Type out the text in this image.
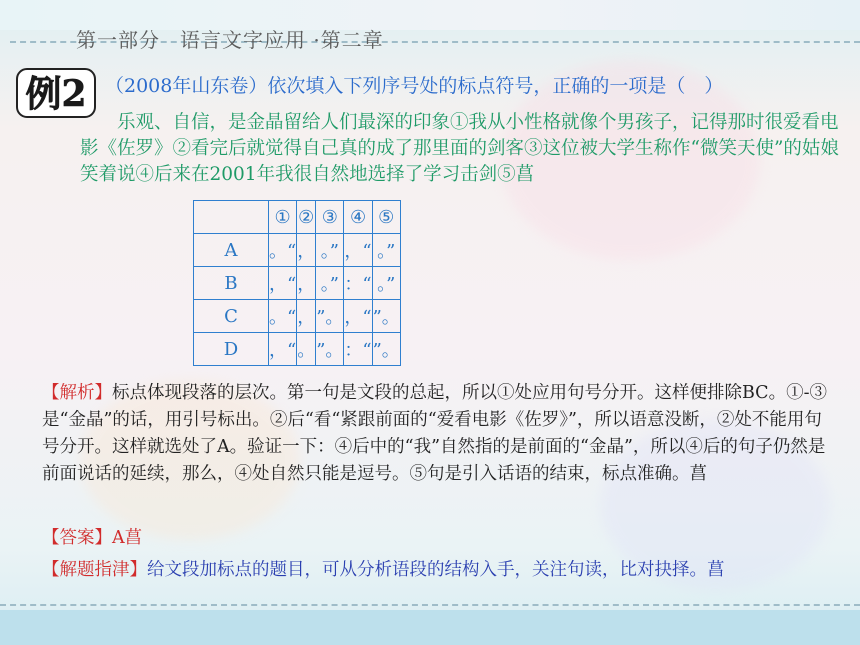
第一部分 语言文字应用 ·第二章
例2 （2008年山东卷）依次填入下列序号处的标点符号，正确的一项是（　）
乐观、自信，是金晶留给人们最深的印象①我从小性格就像个男孩子，记得那时很爱看电影《佐罗》②看完后就觉得自己真的成了那里面的剑客③这位被大学生称作“微笑天使”的姑娘笑着说④后来在2001年我很自然地选择了学习击剑⑤菖
	①	②	③	④	⑤
A	。“	，	。”	，“	。”
B	，“	，	。”	：“	。”
C	。“	，	”。	，“	”。
D	，“	。	”。	：“	”。
【解析】标点体现段落的层次。第一句是文段的总起，所以①处应用句号分开。这样便排除BC。①-③是“金晶”的话，用引号标出。②后“看“紧跟前面的“爱看电影《佐罗》”，所以语意没断，②处不能用句号分开。这样就选处了A。验证一下：④后中的“我”自然指的是前面的“金晶”，所以④后的句子仍然是前面说话的延续，那么，④处自然只能是逗号。⑤句是引入话语的结束，标点准确。菖
【答案】A菖
【解题指津】给文段加标点的题目，可从分析语段的结构入手，关注句读，比对抉择。菖
